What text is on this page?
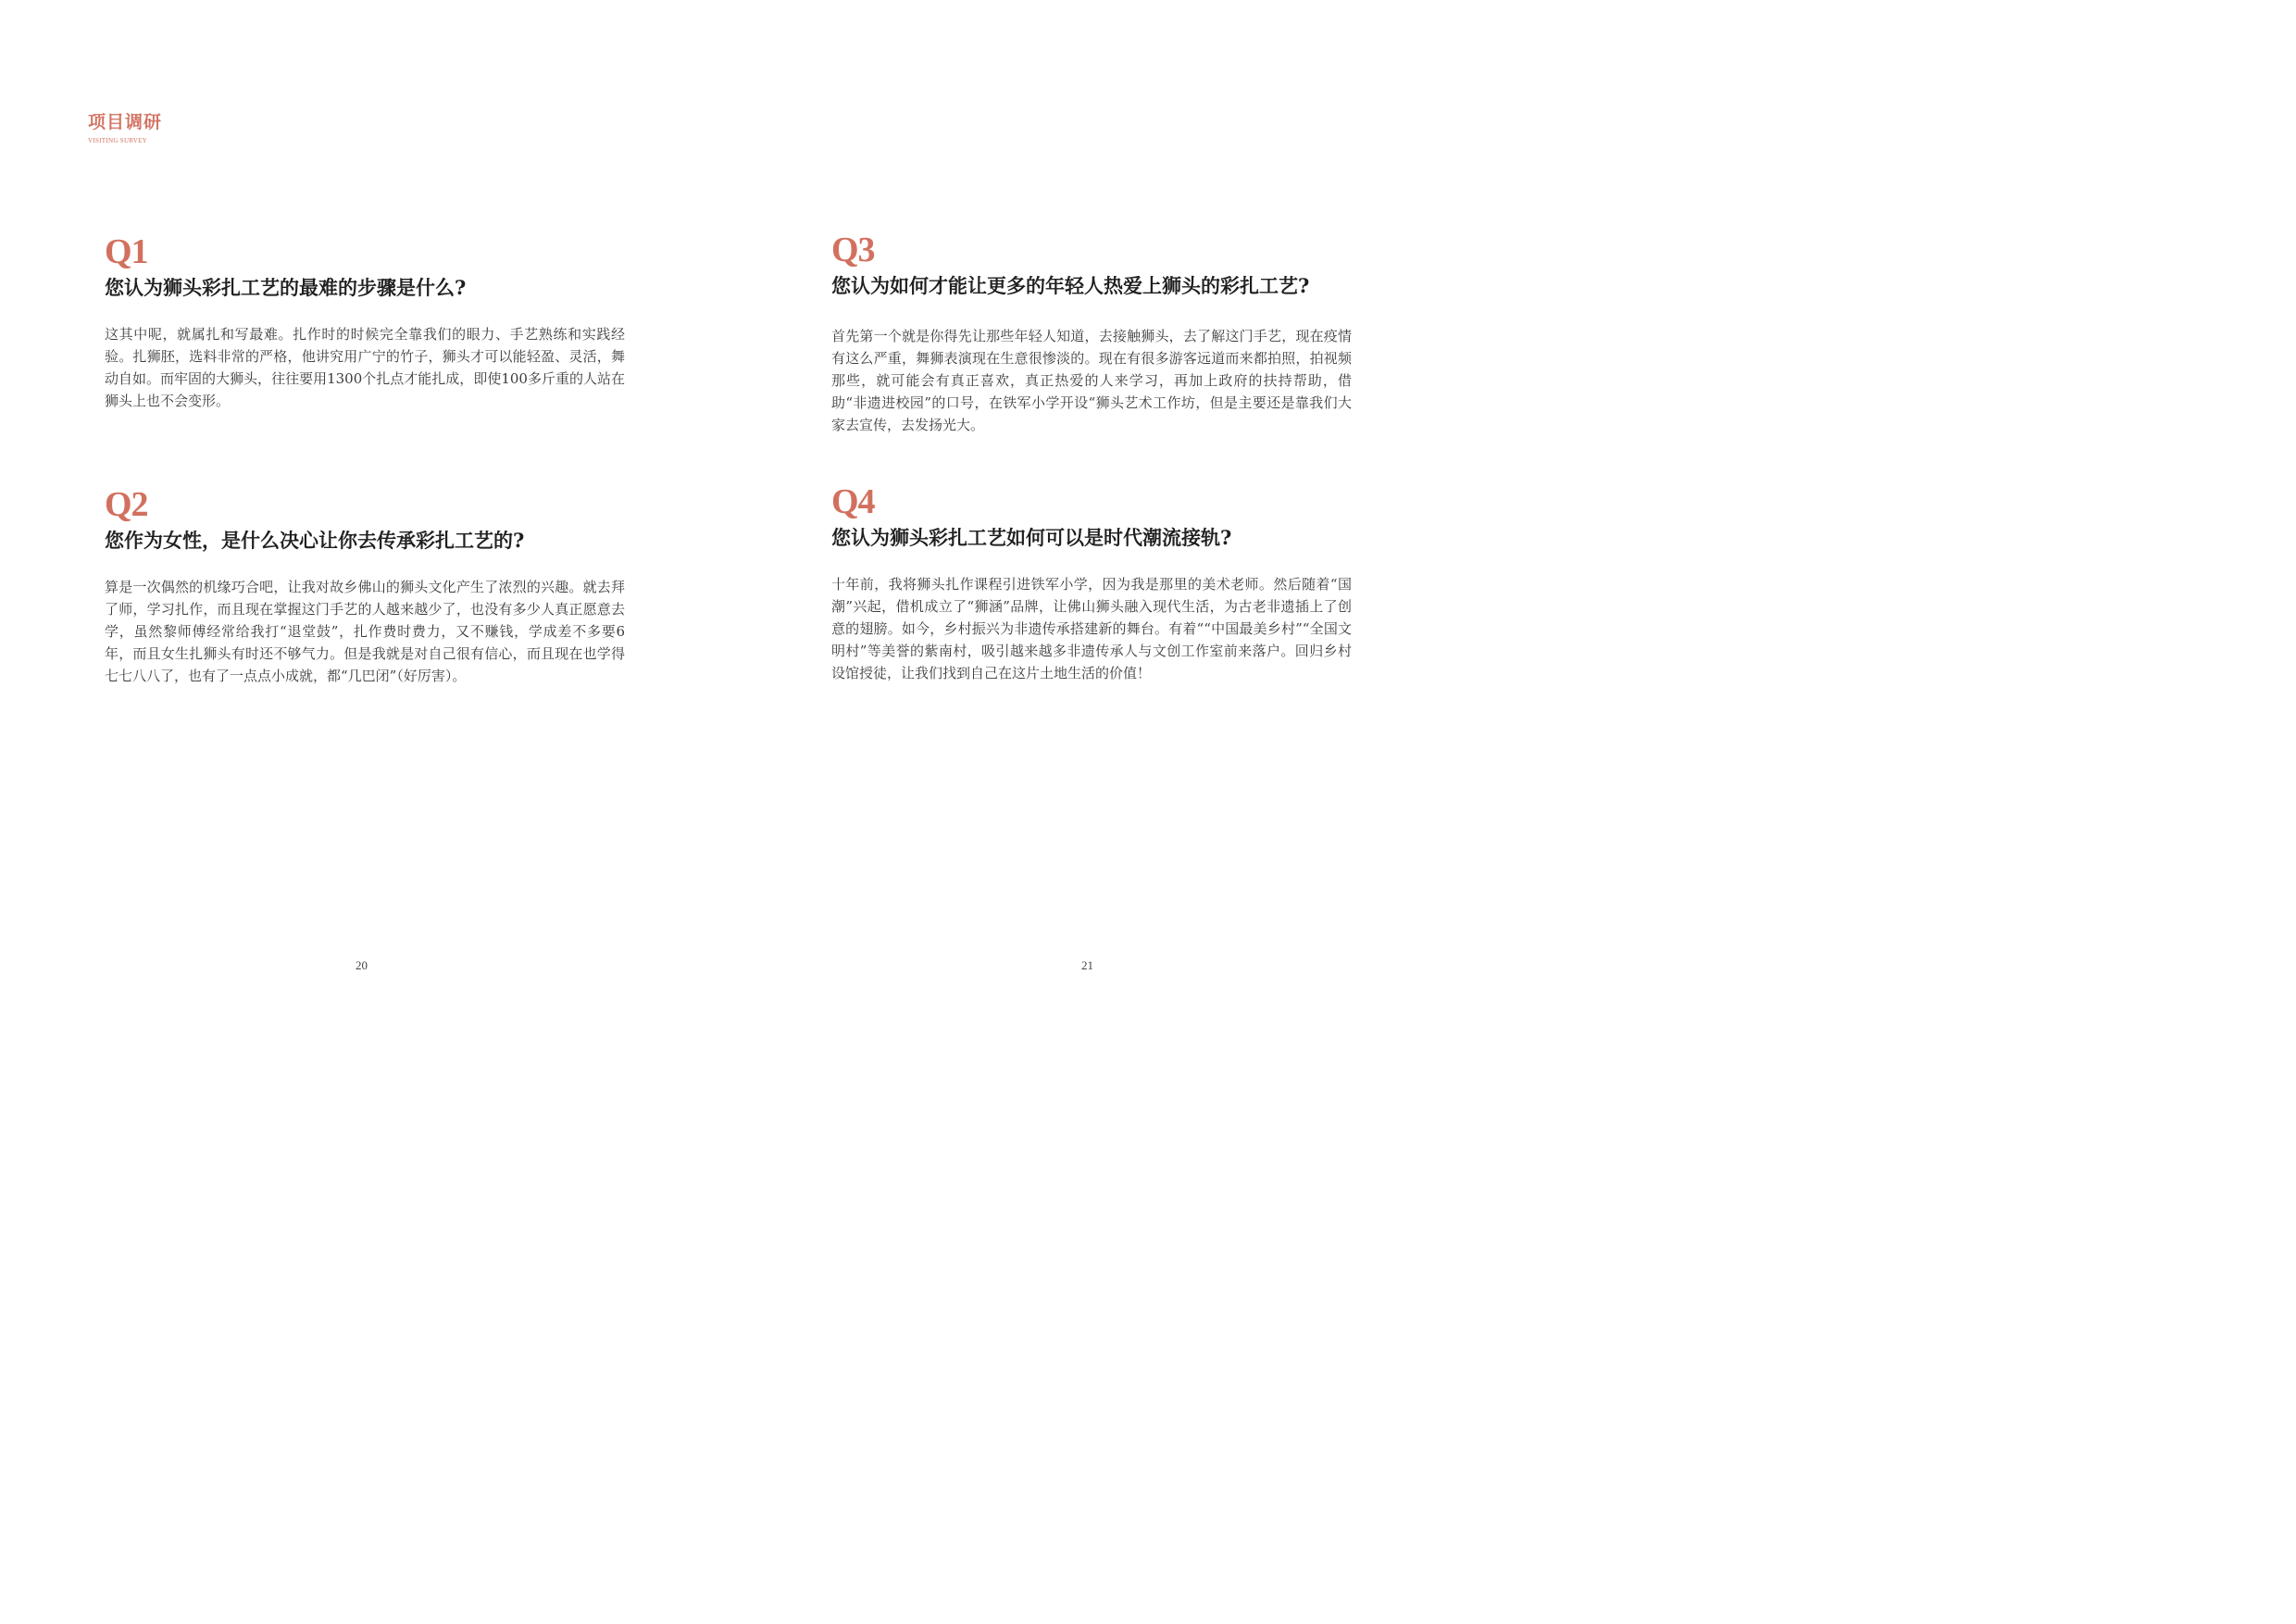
项目调研
VISITING SURVEY
Q1
您认为狮头彩扎工艺的最难的步骤是什么?
这其中呢，就属扎和写最难。扎作时的时候完全靠我们的眼力、手艺熟练和实践经验。扎狮胚，选料非常的严格，他讲究用广宁的竹子，狮头才可以能轻盈、灵活，舞动自如。而牢固的大狮头，往往要用1300个扎点才能扎成，即使100多斤重的人站在狮头上也不会变形。
Q2
您作为女性，是什么决心让你去传承彩扎工艺的?
算是一次偶然的机缘巧合吧，让我对故乡佛山的狮头文化产生了浓烈的兴趣。就去拜了师，学习扎作，而且现在掌握这门手艺的人越来越少了，也没有多少人真正愿意去学，虽然黎师傅经常给我打“退堂鼓”，扎作费时费力，又不赚钱，学成差不多要6年，而且女生扎狮头有时还不够气力。但是我就是对自己很有信心，而且现在也学得七七八八了，也有了一点点小成就，都“几巴闭”（好厉害）。
Q3
您认为如何才能让更多的年轻人热爱上狮头的彩扎工艺?
首先第一个就是你得先让那些年轻人知道，去接触狮头，去了解这门手艺，现在疫情有这么严重，舞狮表演现在生意很惨淡的。现在有很多游客远道而来都拍照，拍视频那些，就可能会有真正喜欢，真正热爱的人来学习，再加上政府的扶持帮助，借助“非遗进校园”的口号，在铁军小学开设“狮头艺术工作坊，但是主要还是靠我们大家去宣传，去发扬光大。
Q4
您认为狮头彩扎工艺如何可以是时代潮流接轨?
十年前，我将狮头扎作课程引进铁军小学，因为我是那里的美术老师。然后随着“国潮”兴起，借机成立了“狮涵”品牌，让佛山狮头融入现代生活，为古老非遗插上了创意的翅膀。如今，乡村振兴为非遗传承搭建新的舞台。有着““中国最美乡村”“全国文明村”等美誉的紫南村，吸引越来越多非遗传承人与文创工作室前来落户。回归乡村设馆授徒，让我们找到自己在这片土地生活的价值！
20	21
